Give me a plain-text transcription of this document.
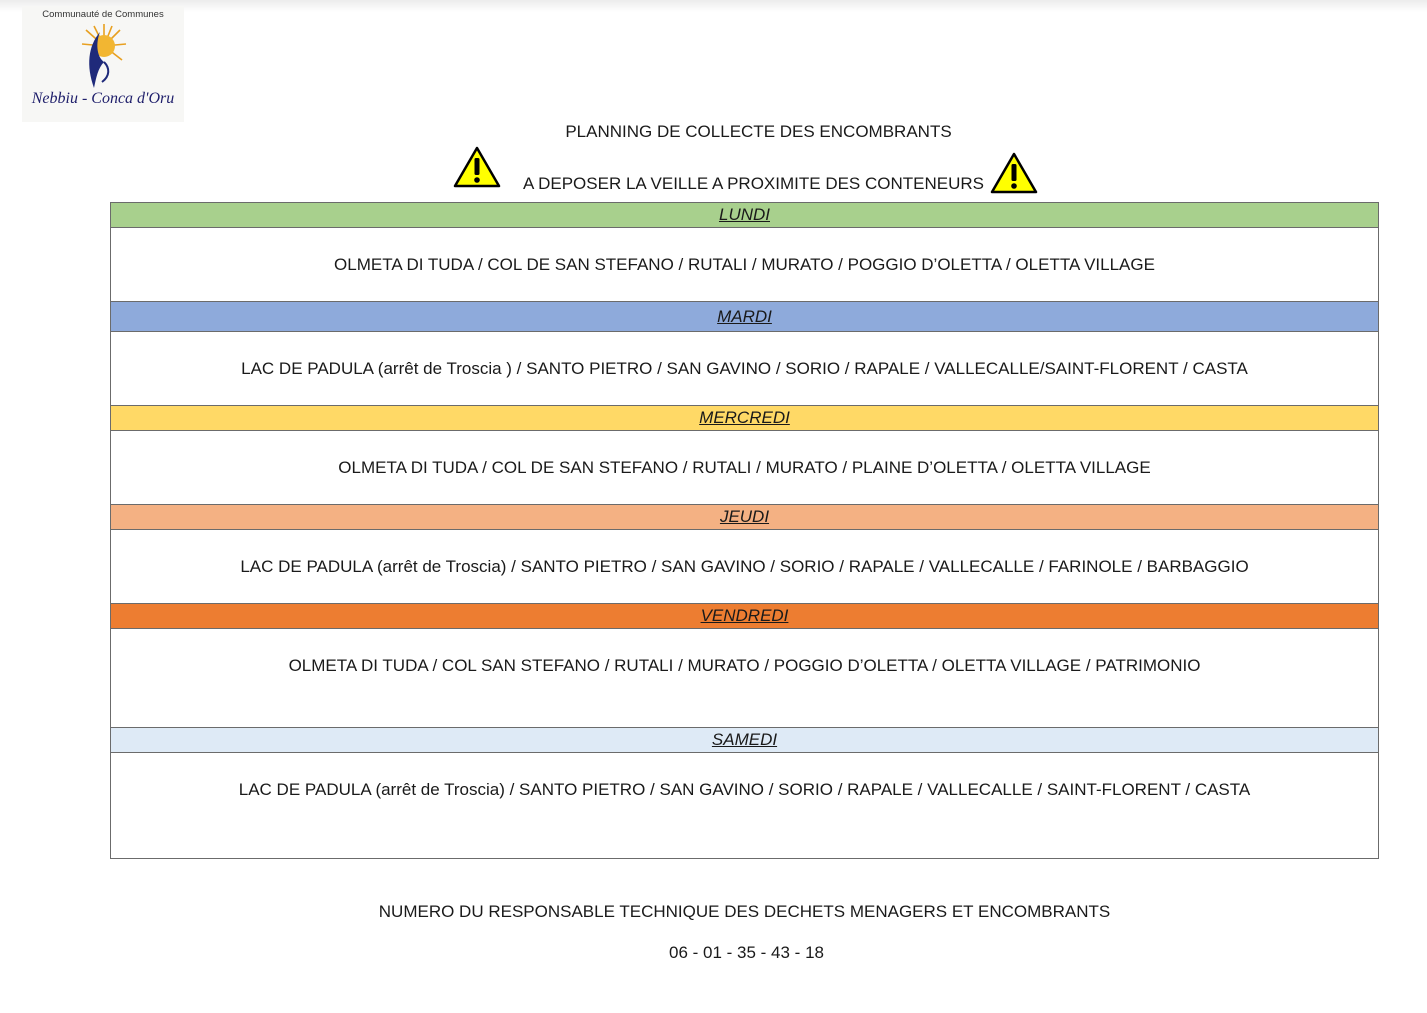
Communauté de Communes
Nebbiu - Conca d'Oru
PLANNING DE COLLECTE DES ENCOMBRANTS
A DEPOSER LA VEILLE A PROXIMITE DES CONTENEURS
LUNDI
OLMETA DI TUDA / COL DE SAN STEFANO / RUTALI / MURATO / POGGIO D’OLETTA / OLETTA VILLAGE
MARDI
LAC DE PADULA (arrêt de Troscia ) / SANTO PIETRO / SAN GAVINO / SORIO / RAPALE / VALLECALLE/SAINT-FLORENT / CASTA
MERCREDI
OLMETA DI TUDA / COL DE SAN STEFANO / RUTALI / MURATO / PLAINE D’OLETTA / OLETTA VILLAGE
JEUDI
LAC DE PADULA (arrêt de Troscia) / SANTO PIETRO / SAN GAVINO / SORIO / RAPALE / VALLECALLE / FARINOLE / BARBAGGIO
VENDREDI
OLMETA DI TUDA / COL SAN STEFANO / RUTALI / MURATO / POGGIO D’OLETTA / OLETTA VILLAGE / PATRIMONIO
SAMEDI
LAC DE PADULA (arrêt de Troscia) / SANTO PIETRO / SAN GAVINO / SORIO / RAPALE / VALLECALLE / SAINT-FLORENT / CASTA
NUMERO DU RESPONSABLE TECHNIQUE DES DECHETS MENAGERS ET ENCOMBRANTS
06 - 01 - 35 - 43 - 18
